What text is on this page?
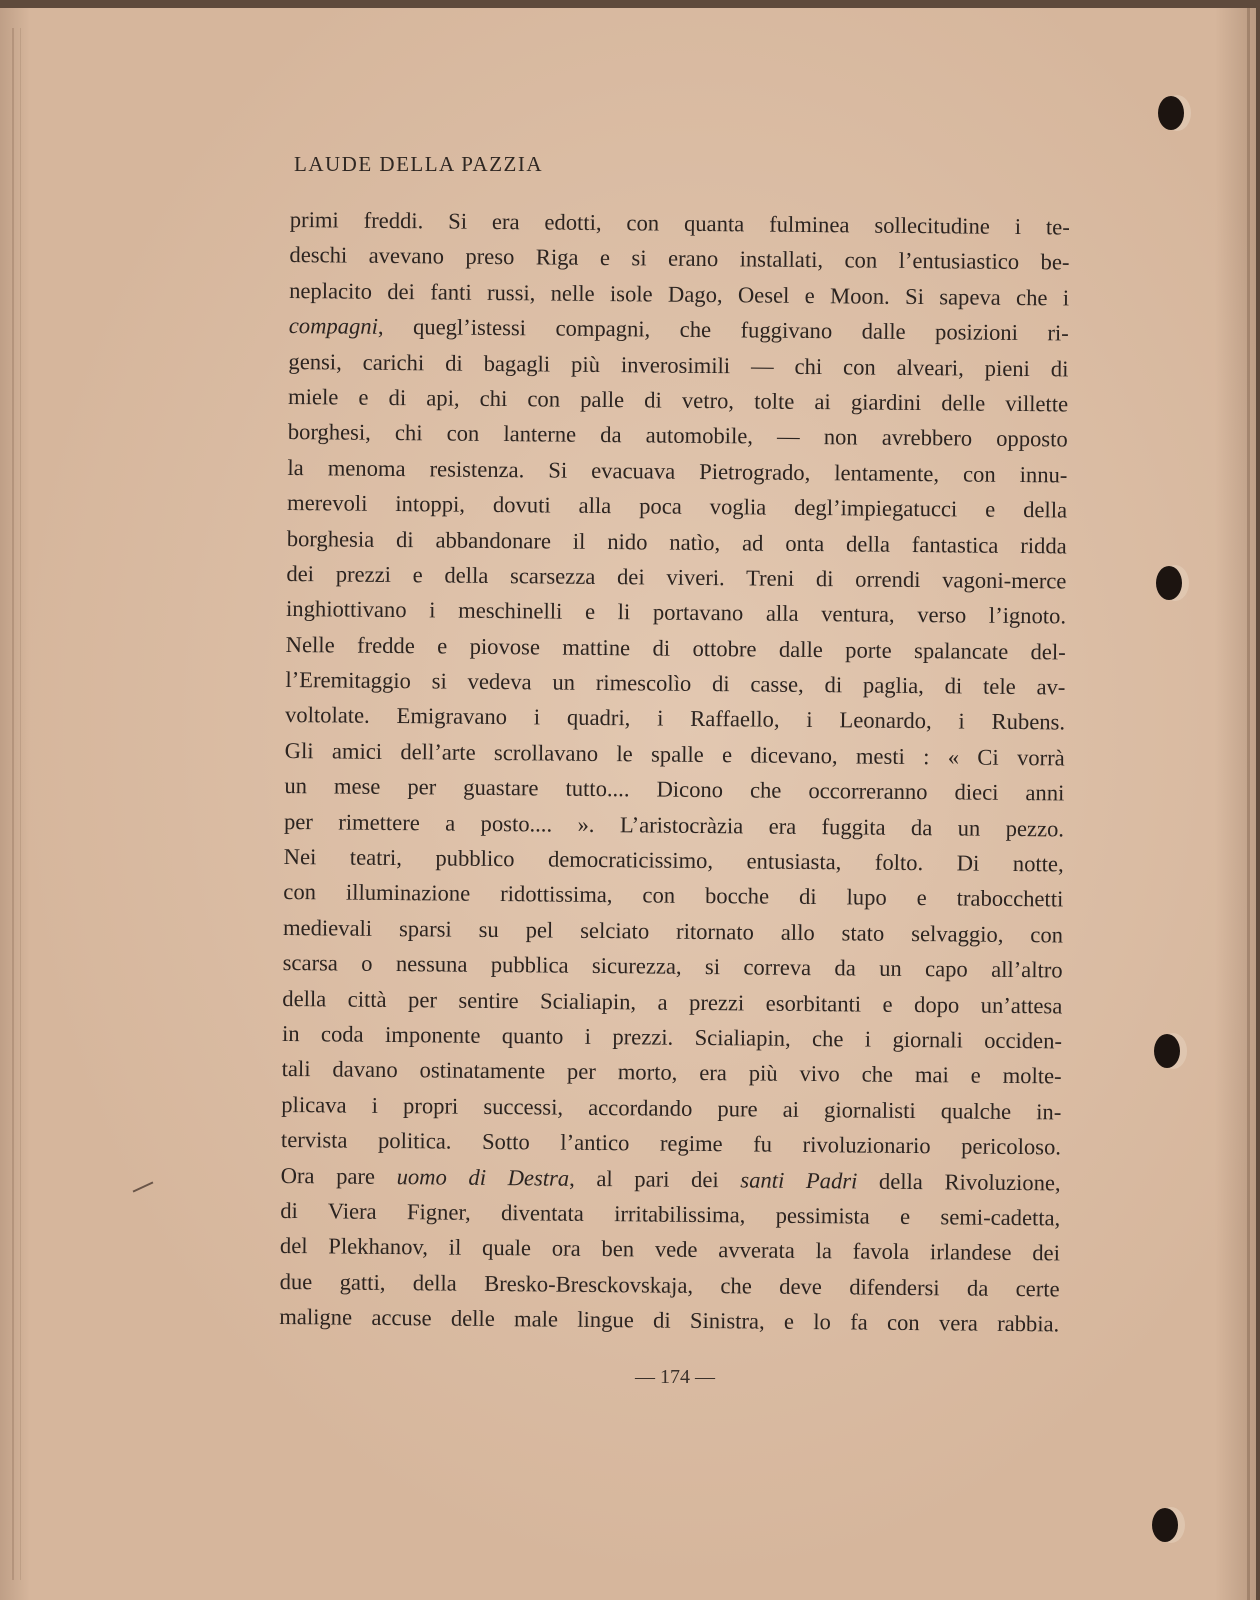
LAUDE DELLA PAZZIA
primi freddi. Si era edotti, con quanta fulminea sollecitudine i te-
deschi avevano preso Riga e si erano installati, con l’entusiastico be-
neplacito dei fanti russi, nelle isole Dago, Oesel e Moon. Si sapeva che i
compagni, quegl’istessi compagni, che fuggivano dalle posizioni ri-
gensi, carichi di bagagli più inverosimili — chi con alveari, pieni di
miele e di api, chi con palle di vetro, tolte ai giardini delle villette
borghesi, chi con lanterne da automobile, — non avrebbero opposto
la menoma resistenza. Si evacuava Pietrogrado, lentamente, con innu-
merevoli intoppi, dovuti alla poca voglia degl’impiegatucci e della
borghesia di abbandonare il nido natìo, ad onta della fantastica ridda
dei prezzi e della scarsezza dei viveri. Treni di orrendi vagoni-merce
inghiottivano i meschinelli e li portavano alla ventura, verso l’ignoto.
Nelle fredde e piovose mattine di ottobre dalle porte spalancate del-
l’Eremitaggio si vedeva un rimescolìo di casse, di paglia, di tele av-
voltolate. Emigravano i quadri, i Raffaello, i Leonardo, i Rubens.
Gli amici dell’arte scrollavano le spalle e dicevano, mesti : « Ci vorrà
un mese per guastare tutto.... Dicono che occorreranno dieci anni
per rimettere a posto.... ». L’aristocràzia era fuggita da un pezzo.
Nei teatri, pubblico democraticissimo, entusiasta, folto. Di notte,
con illuminazione ridottissima, con bocche di lupo e trabocchetti
medievali sparsi su pel selciato ritornato allo stato selvaggio, con
scarsa o nessuna pubblica sicurezza, si correva da un capo all’altro
della città per sentire Scialiapin, a prezzi esorbitanti e dopo un’attesa
in coda imponente quanto i prezzi. Scialiapin, che i giornali occiden-
tali davano ostinatamente per morto, era più vivo che mai e molte-
plicava i propri successi, accordando pure ai giornalisti qualche in-
tervista politica. Sotto l’antico regime fu rivoluzionario pericoloso.
Ora pare uomo di Destra, al pari dei santi Padri della Rivoluzione,
di Viera Figner, diventata irritabilissima, pessimista e semi-cadetta,
del Plekhanov, il quale ora ben vede avverata la favola irlandese dei
due gatti, della Bresko-Bresckovskaja, che deve difendersi da certe
maligne accuse delle male lingue di Sinistra, e lo fa con vera rabbia.
— 174 —
